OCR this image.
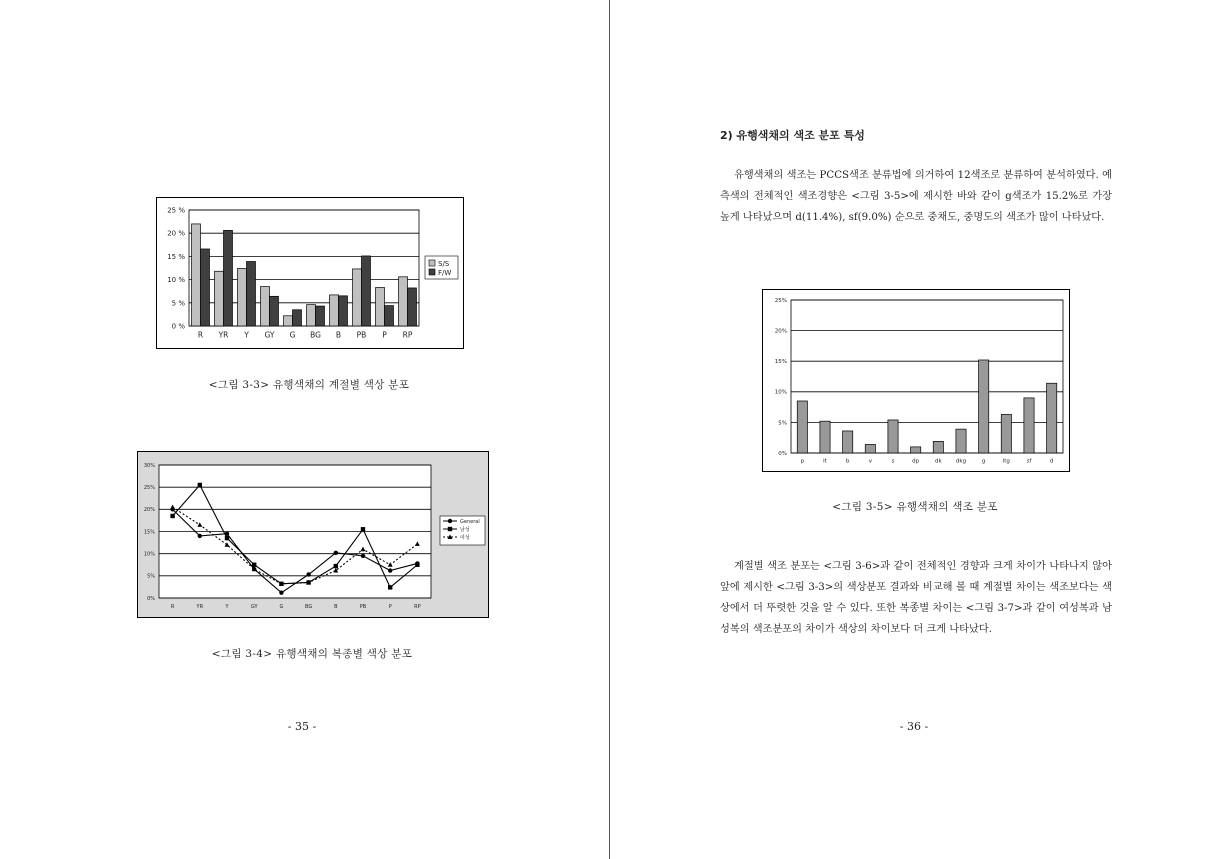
0 %
5 %
10 %
15 %
20 %
25 %
R YR Y GY G BG B PB P RP
S/S
F/W
<그림 3-3> 유행색채의 계절별 색상 분포
0%
5%
10%
15%
20%
25%
30%
R	YR	Y	GY	G	BG	B	PB	P	RP
General
남성
여성
<그림 3-4> 유행색채의 복종별 색상 분포
- 35 -
2) 유행색채의 색조 분포 특성

유행색채의 색조는 PCCS색조 분류법에 의거하여 12색조로 분류하여 분석하였다. 예측색의 전체적인 색조경향은 <그림 3-5>에 제시한 바와 같이 g색조가 15.2%로 가장 높게 나타났으며 d(11.4%), sf(9.0%) 순으로 중채도, 중명도의 색조가 많이 나타났다.

0%
5%
10%
15%
20%
25%
p	lt	b	v	s	dp	dk	dkg	g	ltg	sf	d
<그림 3-5> 유행색채의 색조 분포

계절별 색조 분포는 <그림 3-6>과 같이 전체적인 경향과 크게 차이가 나타나지 않아 앞에 제시한 <그림 3-3>의 색상분포 결과와 비교해 볼 때 계절별 차이는 색조보다는 색상에서 더 뚜렷한 것을 알 수 있다. 또한 복종별 차이는 <그림 3-7>과 같이 여성복과 남성복의 색조분포의 차이가 색상의 차이보다 더 크게 나타났다.

- 36 -
